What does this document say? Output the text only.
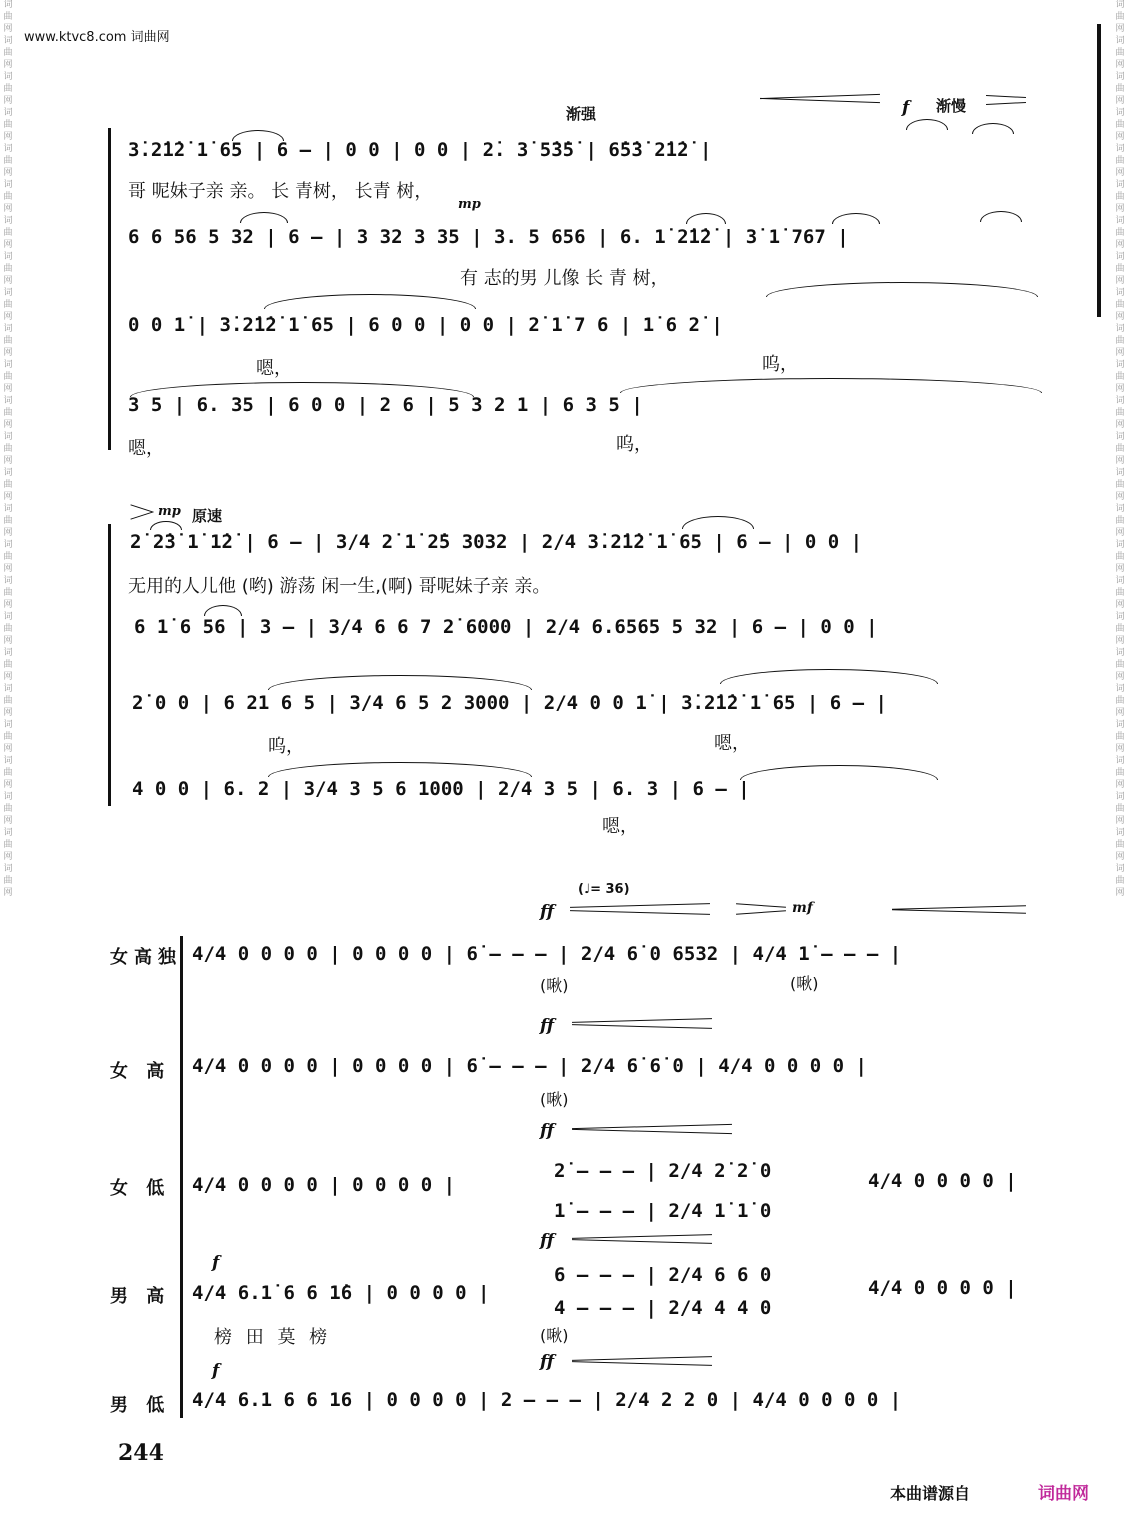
词
曲
网
词
曲
网
词
曲
网
词
曲
网
词
曲
网
词
曲
网
词
曲
网
词
曲
网
词
曲
网
词
曲
网
词
曲
网
词
曲
网
词
曲
网
词
曲
网
词
曲
网
词
曲
网
词
曲
网
词
曲
网
词
曲
网
词
曲
网
词
曲
网
词
曲
网
词
曲
网
词
曲
网
词
曲
网
词
曲
网
词
曲
网
词
曲
网
词
曲
网
词
曲
网
词
曲
网
词
曲
网
词
曲
网
词
曲
网
词
曲
网
词
曲
网
词
曲
网
词
曲
网
词
曲
网
词
曲
网
词
曲
网
词
曲
网
词
曲
网
词
曲
网
词
曲
网
词
曲
网
词
曲
网
词
曲
网
词
曲
网
词
曲
网
www.ktvc8.com 词曲网
渐强	f 渐慢
mp
3̇.2̇1̇2̇ 1̇ 65 | 6 – | 0 0 | 0 0 | 2̇. 3̇ 5̇3̇5̇ | 6̇5̇3̇ 2̇1̇2̇ |
哥 呢妹子亲 亲。 长 青树， 长青 树，
6 6 56 5 32 | 6 – | 3 32 3 35 | 3. 5 656 | 6. 1̇ 2̇1̇2̇ | 3̇ 1̇ 767 |
有 志的男 儿像 长 青 树，
0 0 1̇ | 3̇.2̇1̇2̇ 1̇ 65 | 6 0 0 | 0 0 | 2̇ 1̇ 7 6 | 1̇ 6 2̇ |
嗯，	呜，
3 5 | 6. 35 | 6 0 0 | 2 6 | 5 3 2 1 | 6 3 5 |
嗯，	呜，
mp 原速
2̇ 2̇3̇ 1̇ 1̇2̇ | 6 – | 3/4 2̇ 1̇ 2̇5 3032 | 2/4 3̇.2̇1̇2̇ 1̇ 65 | 6 – | 0 0 |
无用的人儿他 (哟) 游荡 闲一生,(啊) 哥呢妹子亲 亲。
6 1̇ 6 56 | 3 – | 3/4 6 6 7 2̇ 6000 | 2/4 6.6565 5 32 | 6 – | 0 0 |
2̇ 0 0 | 6 21 6 5 | 3/4 6 5 2 3000 | 2/4 0 0 1̇ | 3̇.2̇1̇2̇ 1̇ 65 | 6 – |
呜，	嗯，
4 0 0 | 6. 2 | 3/4 3 5 6 1000 | 2/4 3 5 | 6. 3 | 6 – |
嗯，
(♩= 36)
ff	mf
女高独 4/4 0 0 0 0 | 0 0 0 0 | 6̇ – – – | 2/4 6̇ 0 6532 | 4/4 1̇ – – – |
(啾)	(啾)
ff
女 高 4/4 0 0 0 0 | 0 0 0 0 | 6̇ – – – | 2/4 6̇ 6̇ 0 | 4/4 0 0 0 0 |
(啾)
ff
女 低 4/4 0 0 0 0 | 0 0 0 0 |
2̇ – – – | 2/4 2̇ 2̇ 0
1̇ – – – | 2/4 1̇ 1̇ 0
4/4 0 0 0 0 |
f
ff
男 高 4/4 6.1̇ 6 6 1̇6 | 0 0 0 0 |
6 – – – | 2/4 6 6 0
4 – – – | 2/4 4 4 0
4/4 0 0 0 0 |
榜 田 莫 榜	(啾)
f	ff
男 低 4/4 6.1 6 6 16 | 0 0 0 0 | 2 – – – | 2/4 2 2 0 | 4/4 0 0 0 0 |
244
本曲谱源自	词曲网
